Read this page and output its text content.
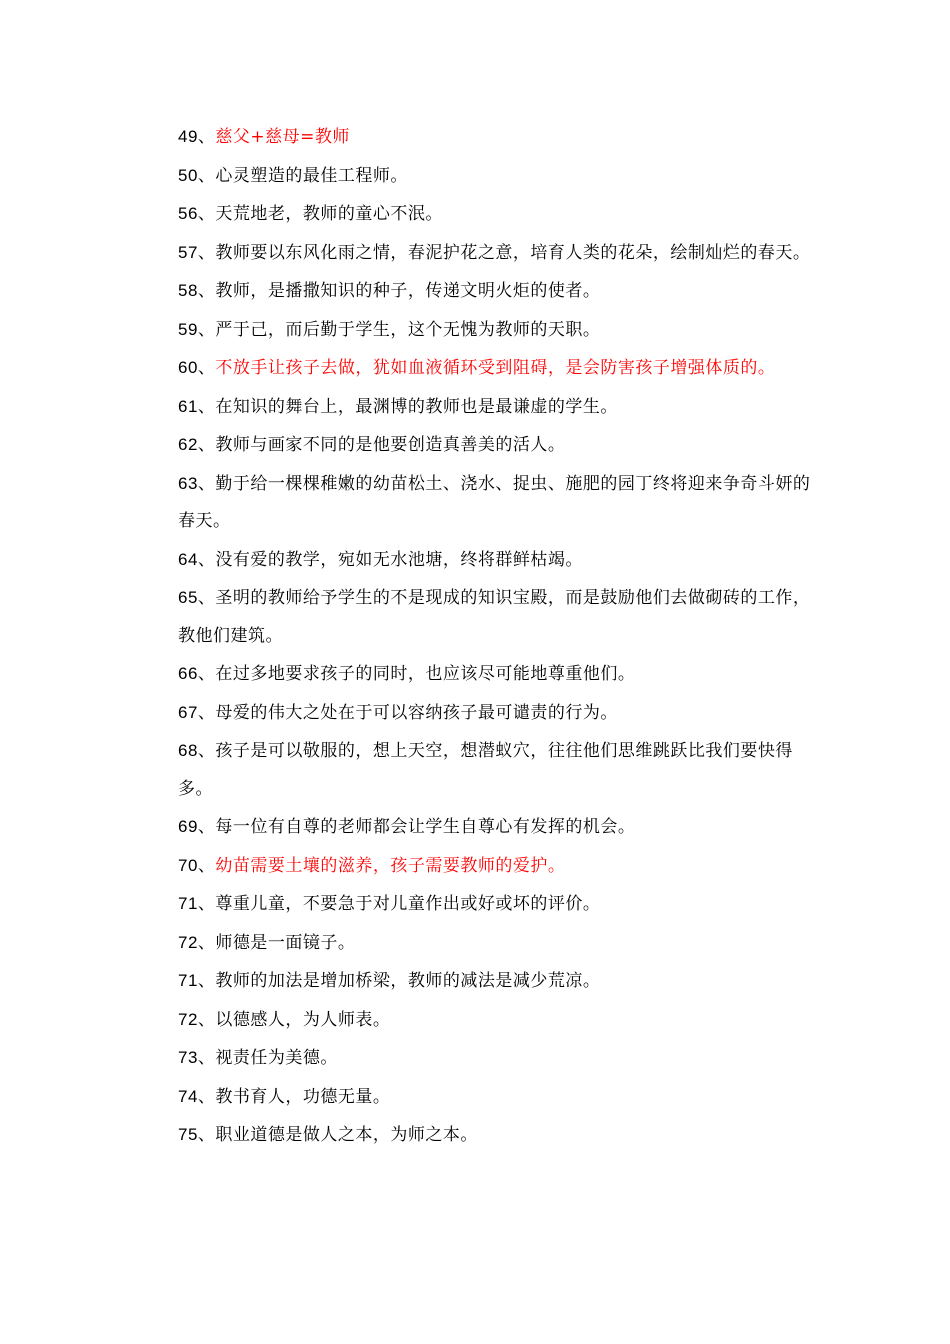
49、慈父+慈母=教师

50、心灵塑造的最佳工程师。

56、天荒地老，教师的童心不泯。

57、教师要以东风化雨之情，春泥护花之意，培育人类的花朵，绘制灿烂的春天。

58、教师，是播撒知识的种子，传递文明火炬的使者。

59、严于己，而后勤于学生，这个无愧为教师的天职。

60、不放手让孩子去做，犹如血液循环受到阻碍，是会防害孩子增强体质的。

61、在知识的舞台上，最渊博的教师也是最谦虚的学生。

62、教师与画家不同的是他要创造真善美的活人。

63、勤于给一棵棵稚嫩的幼苗松土、浇水、捉虫、施肥的园丁终将迎来争奇斗妍的春天。

64、没有爱的教学，宛如无水池塘，终将群鲜枯竭。

65、圣明的教师给予学生的不是现成的知识宝殿，而是鼓励他们去做砌砖的工作，教他们建筑。

66、在过多地要求孩子的同时，也应该尽可能地尊重他们。

67、母爱的伟大之处在于可以容纳孩子最可谴责的行为。

68、孩子是可以敬服的，想上天空，想潜蚁穴，往往他们思维跳跃比我们要快得多。

69、每一位有自尊的老师都会让学生自尊心有发挥的机会。

70、幼苗需要土壤的滋养，孩子需要教师的爱护。

71、尊重儿童，不要急于对儿童作出或好或坏的评价。

72、师德是一面镜子。

71、教师的加法是增加桥梁，教师的减法是减少荒凉。

72、以德感人，为人师表。

73、视责任为美德。

74、教书育人，功德无量。

75、职业道德是做人之本，为师之本。
